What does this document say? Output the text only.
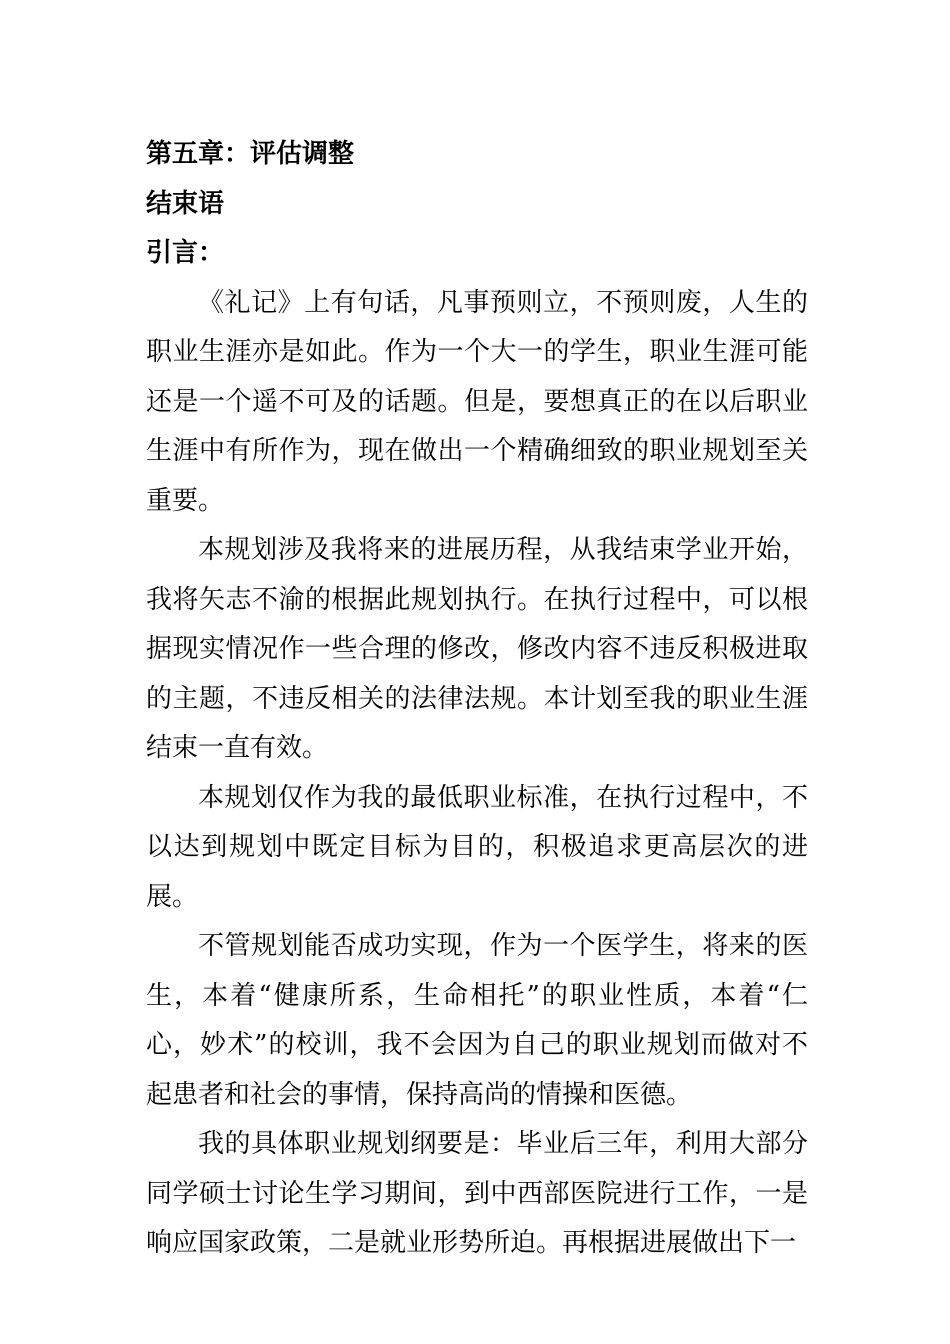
第五章：评估调整
结束语
引言：

《礼记》上有句话，凡事预则立，不预则废，人生的职业生涯亦是如此。作为一个大一的学生，职业生涯可能还是一个遥不可及的话题。但是，要想真正的在以后职业生涯中有所作为，现在做出一个精确细致的职业规划至关重要。

本规划涉及我将来的进展历程，从我结束学业开始，我将矢志不渝的根据此规划执行。在执行过程中，可以根据现实情况作一些合理的修改，修改内容不违反积极进取的主题，不违反相关的法律法规。本计划至我的职业生涯结束一直有效。

本规划仅作为我的最低职业标准，在执行过程中，不以达到规划中既定目标为目的，积极追求更高层次的进展。

不管规划能否成功实现，作为一个医学生，将来的医生，本着“健康所系，生命相托”的职业性质，本着“仁心，妙术”的校训，我不会因为自己的职业规划而做对不起患者和社会的事情，保持高尚的情操和医德。

我的具体职业规划纲要是：毕业后三年，利用大部分同学硕士讨论生学习期间，到中西部医院进行工作，一是响应国家政策，二是就业形势所迫。再根据进展做出下一
